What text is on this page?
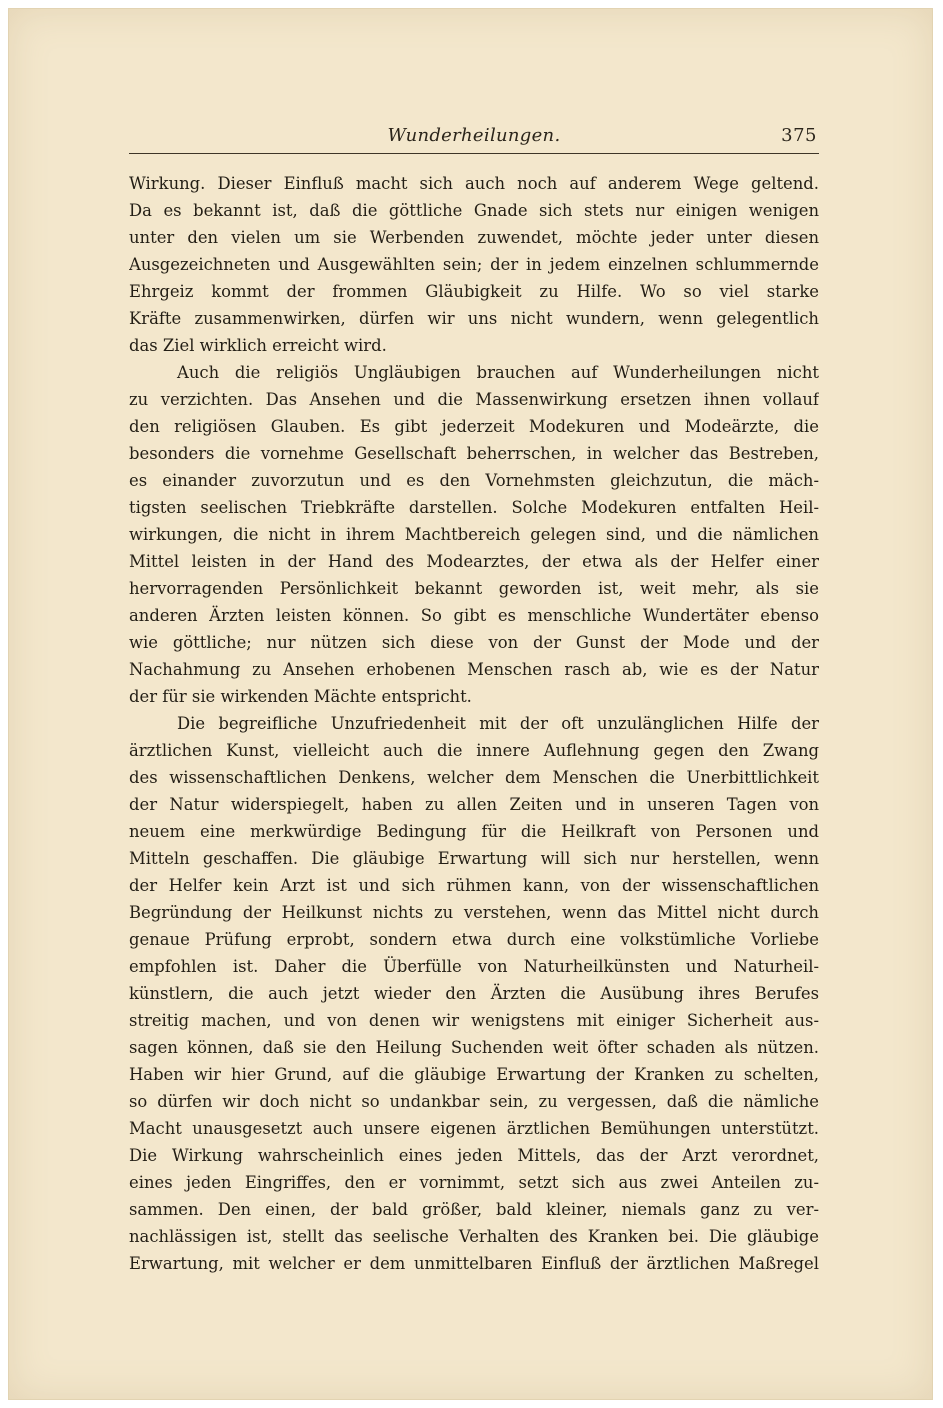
Wunderheilungen.	375
Wirkung. Dieser Einfluß macht sich auch noch auf anderem Wege geltend.
Da es bekannt ist, daß die göttliche Gnade sich stets nur einigen wenigen
unter den vielen um sie Werbenden zuwendet, möchte jeder unter diesen
Ausgezeichneten und Ausgewählten sein; der in jedem einzelnen schlummernde
Ehrgeiz kommt der frommen Gläubigkeit zu Hilfe. Wo so viel starke
Kräfte zusammenwirken, dürfen wir uns nicht wundern, wenn gelegentlich
das Ziel wirklich erreicht wird.
Auch die religiös Ungläubigen brauchen auf Wunderheilungen nicht
zu verzichten. Das Ansehen und die Massenwirkung ersetzen ihnen vollauf
den religiösen Glauben. Es gibt jederzeit Modekuren und Modeärzte, die
besonders die vornehme Gesellschaft beherrschen, in welcher das Bestreben,
es einander zuvorzutun und es den Vornehmsten gleichzutun, die mäch-
tigsten seelischen Triebkräfte darstellen. Solche Modekuren entfalten Heil-
wirkungen, die nicht in ihrem Machtbereich gelegen sind, und die nämlichen
Mittel leisten in der Hand des Modearztes, der etwa als der Helfer einer
hervorragenden Persönlichkeit bekannt geworden ist, weit mehr, als sie
anderen Ärzten leisten können. So gibt es menschliche Wundertäter ebenso
wie göttliche; nur nützen sich diese von der Gunst der Mode und der
Nachahmung zu Ansehen erhobenen Menschen rasch ab, wie es der Natur
der für sie wirkenden Mächte entspricht.
Die begreifliche Unzufriedenheit mit der oft unzulänglichen Hilfe der
ärztlichen Kunst, vielleicht auch die innere Auflehnung gegen den Zwang
des wissenschaftlichen Denkens, welcher dem Menschen die Unerbittlichkeit
der Natur widerspiegelt, haben zu allen Zeiten und in unseren Tagen von
neuem eine merkwürdige Bedingung für die Heilkraft von Personen und
Mitteln geschaffen. Die gläubige Erwartung will sich nur herstellen, wenn
der Helfer kein Arzt ist und sich rühmen kann, von der wissenschaftlichen
Begründung der Heilkunst nichts zu verstehen, wenn das Mittel nicht durch
genaue Prüfung erprobt, sondern etwa durch eine volkstümliche Vorliebe
empfohlen ist. Daher die Überfülle von Naturheilkünsten und Naturheil-
künstlern, die auch jetzt wieder den Ärzten die Ausübung ihres Berufes
streitig machen, und von denen wir wenigstens mit einiger Sicherheit aus-
sagen können, daß sie den Heilung Suchenden weit öfter schaden als nützen.
Haben wir hier Grund, auf die gläubige Erwartung der Kranken zu schelten,
so dürfen wir doch nicht so undankbar sein, zu vergessen, daß die nämliche
Macht unausgesetzt auch unsere eigenen ärztlichen Bemühungen unterstützt.
Die Wirkung wahrscheinlich eines jeden Mittels, das der Arzt verordnet,
eines jeden Eingriffes, den er vornimmt, setzt sich aus zwei Anteilen zu-
sammen. Den einen, der bald größer, bald kleiner, niemals ganz zu ver-
nachlässigen ist, stellt das seelische Verhalten des Kranken bei. Die gläubige
Erwartung, mit welcher er dem unmittelbaren Einfluß der ärztlichen Maßregel
